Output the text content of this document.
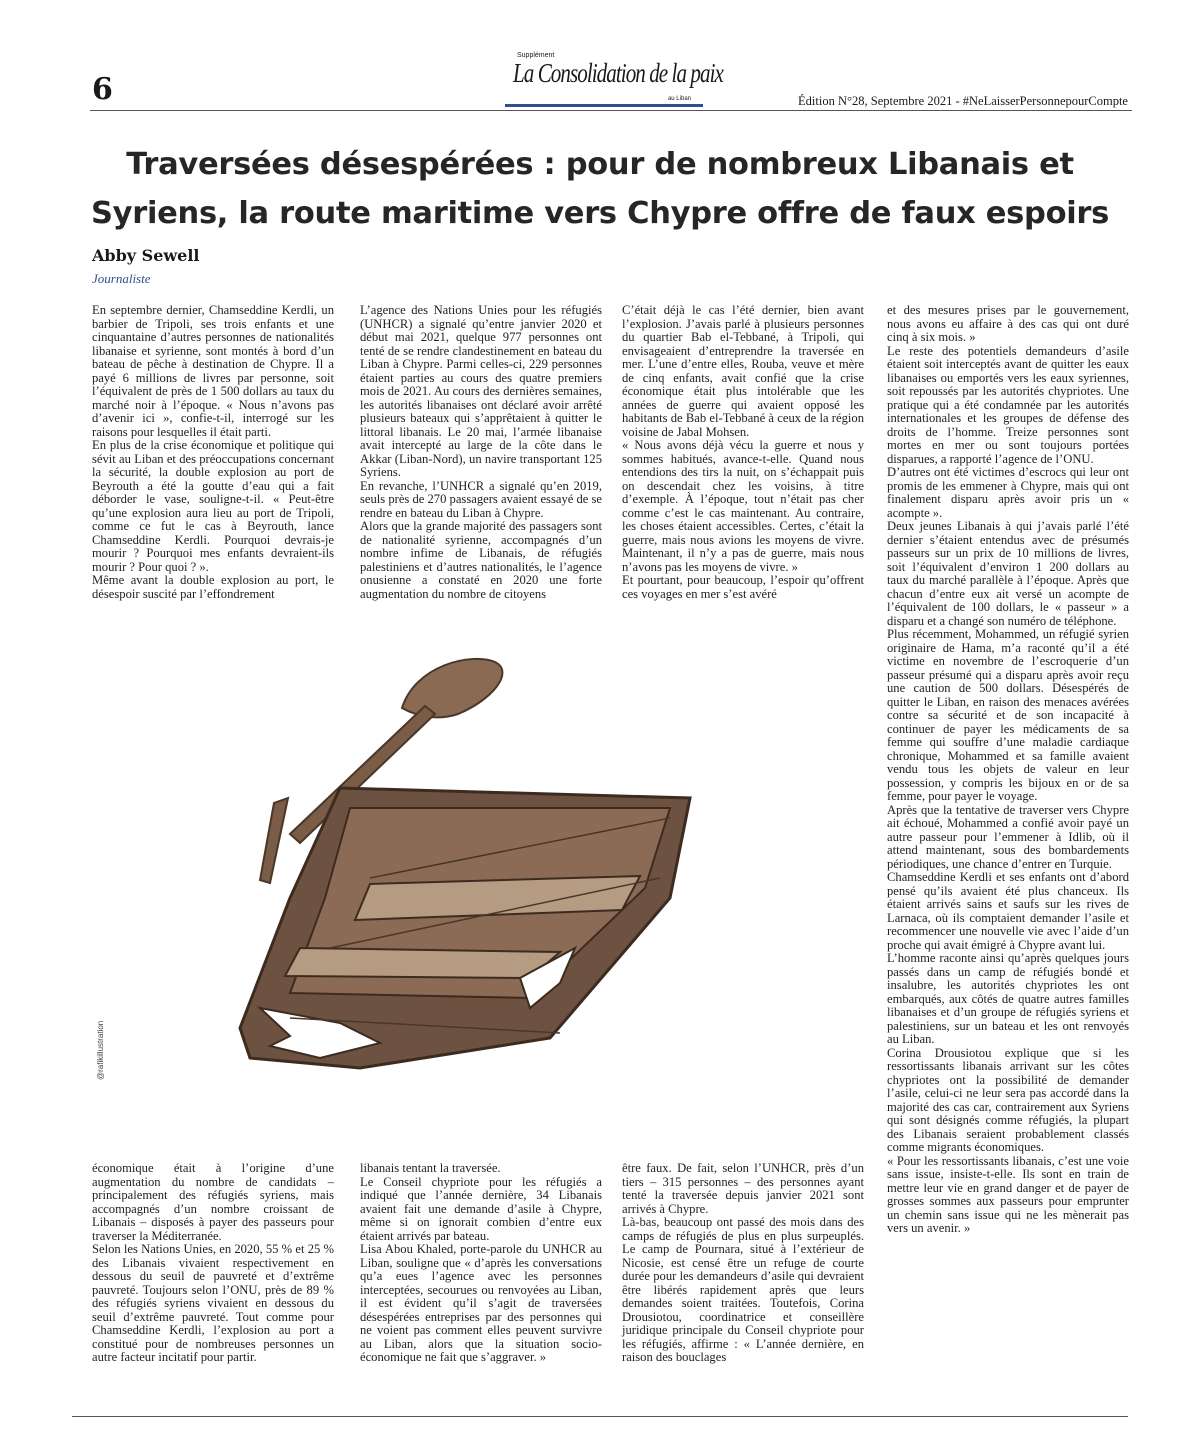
6
Supplément
La Consolidation de la paix
au Liban	Édition N°28, Septembre 2021 - #NeLaisserPersonnepourCompte
Traversées désespérées : pour de nombreux Libanais et Syriens, la route maritime vers Chypre offre de faux espoirs
Abby Sewell
Journaliste

En septembre dernier, Chamseddine Kerdli, un barbier de Tripoli, ses trois enfants et une cinquantaine d’autres personnes de nationalités libanaise et syrienne, sont montés à bord d’un bateau de pêche à destination de Chypre. Il a payé 6 millions de livres par personne, soit l’équivalent de près de 1 500 dollars au taux du marché noir à l’époque. « Nous n’avons pas d’avenir ici », confie-t-il, interrogé sur les raisons pour lesquelles il était parti.

En plus de la crise économique et politique qui sévit au Liban et des préoccupations concernant la sécurité, la double explosion au port de Beyrouth a été la goutte d’eau qui a fait déborder le vase, souligne-t-il. « Peut-être qu’une explosion aura lieu au port de Tripoli, comme ce fut le cas à Beyrouth, lance Chamseddine Kerdli. Pourquoi devrais-je mourir ? Pourquoi mes enfants devraient-ils mourir ? Pour quoi ? ».

Même avant la double explosion au port, le désespoir suscité par l’effondrement

L’agence des Nations Unies pour les réfugiés (UNHCR) a signalé qu’entre janvier 2020 et début mai 2021, quelque 977 personnes ont tenté de se rendre clandestinement en bateau du Liban à Chypre. Parmi celles-ci, 229 personnes étaient parties au cours des quatre premiers mois de 2021. Au cours des dernières semaines, les autorités libanaises ont déclaré avoir arrêté plusieurs bateaux qui s’apprêtaient à quitter le littoral libanais. Le 20 mai, l’armée libanaise avait intercepté au large de la côte dans le Akkar (Liban-Nord), un navire transportant 125 Syriens.

En revanche, l’UNHCR a signalé qu’en 2019, seuls près de 270 passagers avaient essayé de se rendre en bateau du Liban à Chypre.

Alors que la grande majorité des passagers sont de nationalité syrienne, accompagnés d’un nombre infime de Libanais, de réfugiés palestiniens et d’autres nationalités, le l’agence onusienne a constaté en 2020 une forte augmentation du nombre de citoyens

C’était déjà le cas l’été dernier, bien avant l’explosion. J’avais parlé à plusieurs personnes du quartier Bab el-Tebbané, à Tripoli, qui envisageaient d’entreprendre la traversée en mer. L’une d’entre elles, Rouba, veuve et mère de cinq enfants, avait confié que la crise économique était plus intolérable que les années de guerre qui avaient opposé les habitants de Bab el-Tebbané à ceux de la région voisine de Jabal Mohsen.

« Nous avons déjà vécu la guerre et nous y sommes habitués, avance-t-elle. Quand nous entendions des tirs la nuit, on s’échappait puis on descendait chez les voisins, à titre d’exemple. À l’époque, tout n’était pas cher comme c’est le cas maintenant. Au contraire, les choses étaient accessibles. Certes, c’était la guerre, mais nous avions les moyens de vivre. Maintenant, il n’y a pas de guerre, mais nous n’avons pas les moyens de vivre. »

Et pourtant, pour beaucoup, l’espoir qu’offrent ces voyages en mer s’est avéré

et des mesures prises par le gouvernement, nous avons eu affaire à des cas qui ont duré cinq à six mois. »

Le reste des potentiels demandeurs d’asile étaient soit interceptés avant de quitter les eaux libanaises ou emportés vers les eaux syriennes, soit repoussés par les autorités chypriotes. Une pratique qui a été condamnée par les autorités internationales et les groupes de défense des droits de l’homme. Treize personnes sont mortes en mer ou sont toujours portées disparues, a rapporté l’agence de l’ONU.

D’autres ont été victimes d’escrocs qui leur ont promis de les emmener à Chypre, mais qui ont finalement disparu après avoir pris un « acompte ».

Deux jeunes Libanais à qui j’avais parlé l’été dernier s’étaient entendus avec de présumés passeurs sur un prix de 10 millions de livres, soit l’équivalent d’environ 1 200 dollars au taux du marché parallèle à l’époque. Après que chacun d’entre eux ait versé un acompte de l’équivalent de 100 dollars, le « passeur » a disparu et a changé son numéro de téléphone.

Plus récemment, Mohammed, un réfugié syrien originaire de Hama, m’a raconté qu’il a été victime en novembre de l’escroquerie d’un passeur présumé qui a disparu après avoir reçu une caution de 500 dollars. Désespérés de quitter le Liban, en raison des menaces avérées contre sa sécurité et de son incapacité à continuer de payer les médicaments de sa femme qui souffre d’une maladie cardiaque chronique, Mohammed et sa famille avaient vendu tous les objets de valeur en leur possession, y compris les bijoux en or de sa femme, pour payer le voyage.

Après que la tentative de traverser vers Chypre ait échoué, Mohammed a confié avoir payé un autre passeur pour l’emmener à Idlib, où il attend maintenant, sous des bombardements périodiques, une chance d’entrer en Turquie.

Chamseddine Kerdli et ses enfants ont d’abord pensé qu’ils avaient été plus chanceux. Ils étaient arrivés sains et saufs sur les rives de Larnaca, où ils comptaient demander l’asile et recommencer une nouvelle vie avec l’aide d’un proche qui avait émigré à Chypre avant lui.

L’homme raconte ainsi qu’après quelques jours passés dans un camp de réfugiés bondé et insalubre, les autorités chypriotes les ont embarqués, aux côtés de quatre autres familles libanaises et d’un groupe de réfugiés syriens et palestiniens, sur un bateau et les ont renvoyés au Liban.

Corina Drousiotou explique que si les ressortissants libanais arrivant sur les côtes chypriotes ont la possibilité de demander l’asile, celui-ci ne leur sera pas accordé dans la majorité des cas car, contrairement aux Syriens qui sont désignés comme réfugiés, la plupart des Libanais seraient probablement classés comme migrants économiques.

« Pour les ressortissants libanais, c’est une voie sans issue, insiste-t-elle. Ils sont en train de mettre leur vie en grand danger et de payer de grosses sommes aux passeurs pour emprunter un chemin sans issue qui ne les mènerait pas vers un avenir. »

économique était à l’origine d’une augmentation du nombre de candidats – principalement des réfugiés syriens, mais accompagnés d’un nombre croissant de Libanais – disposés à payer des passeurs pour traverser la Méditerranée.

Selon les Nations Unies, en 2020, 55 % et 25 % des Libanais vivaient respectivement en dessous du seuil de pauvreté et d’extrême pauvreté. Toujours selon l’ONU, près de 89 % des réfugiés syriens vivaient en dessous du seuil d’extrême pauvreté. Tout comme pour Chamseddine Kerdli, l’explosion au port a constitué pour de nombreuses personnes un autre facteur incitatif pour partir.

libanais tentant la traversée.

Le Conseil chypriote pour les réfugiés a indiqué que l’année dernière, 34 Libanais avaient fait une demande d’asile à Chypre, même si on ignorait combien d’entre eux étaient arrivés par bateau.

Lisa Abou Khaled, porte-parole du UNHCR au Liban, souligne que « d’après les conversations qu’a eues l’agence avec les personnes interceptées, secourues ou renvoyées au Liban, il est évident qu’il s’agit de traversées désespérées entreprises par des personnes qui ne voient pas comment elles peuvent survivre au Liban, alors que la situation socio-économique ne fait que s’aggraver. »

être faux. De fait, selon l’UNHCR, près d’un tiers – 315 personnes – des personnes ayant tenté la traversée depuis janvier 2021 sont arrivés à Chypre.

Là-bas, beaucoup ont passé des mois dans des camps de réfugiés de plus en plus surpeuplés. Le camp de Pournara, situé à l’extérieur de Nicosie, est censé être un refuge de courte durée pour les demandeurs d’asile qui devraient être libérés rapidement après que leurs demandes soient traitées. Toutefois, Corina Drousiotou, coordinatrice et conseillère juridique principale du Conseil chypriote pour les réfugiés, affirme : « L’année dernière, en raison des bouclages

@rafikillustration
